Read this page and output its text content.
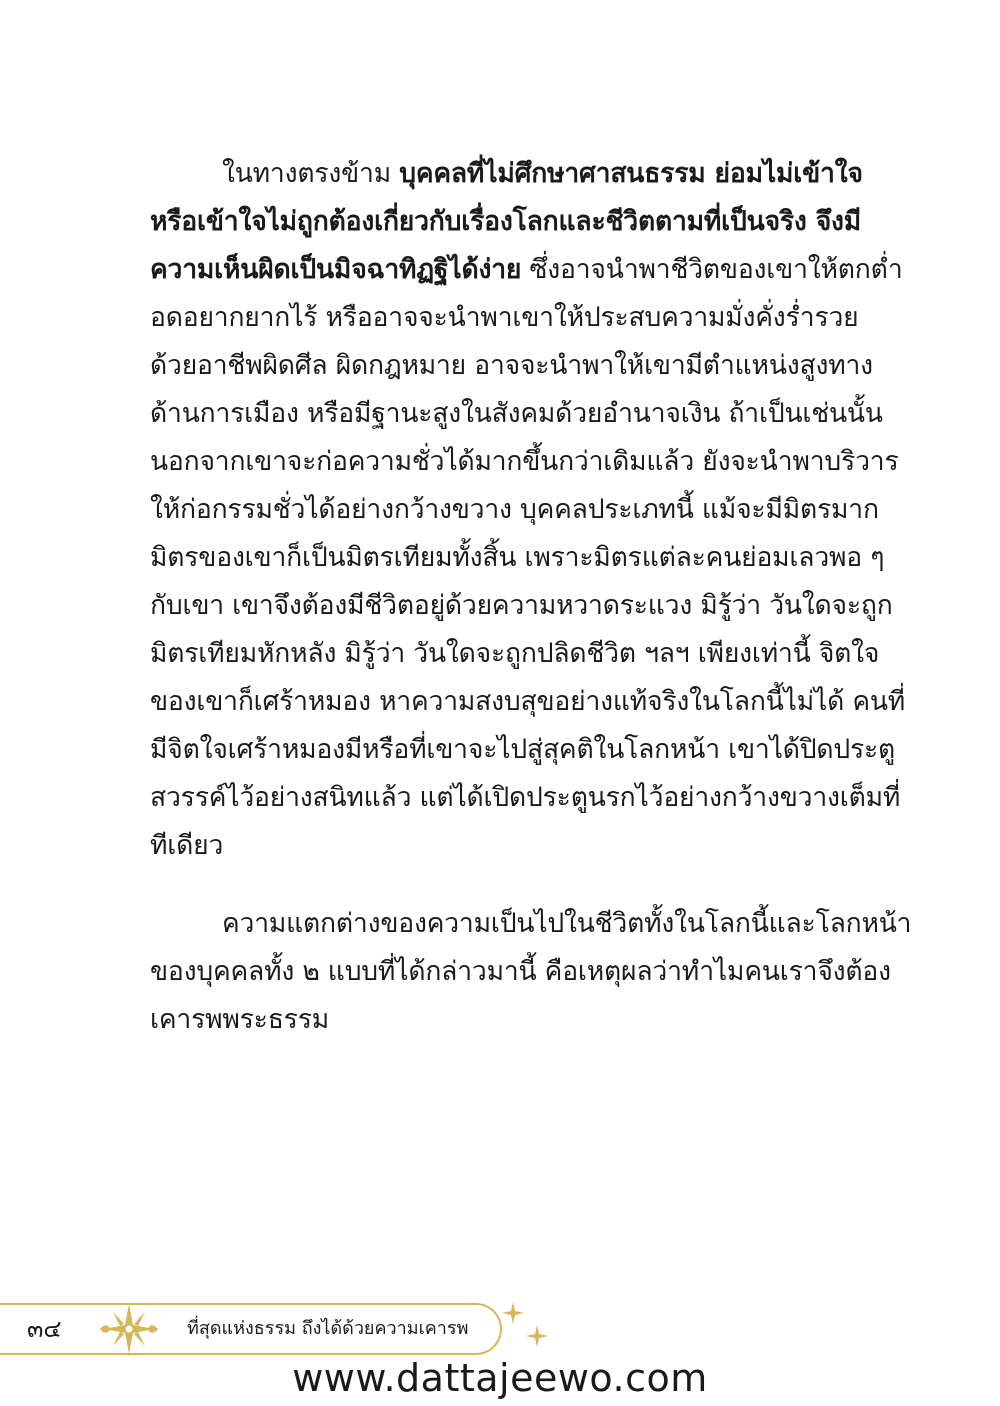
ในทางตรงข้าม บุคคลที่ไม่ศึกษาศาสนธรรม ย่อมไม่เข้าใจ
หรือเข้าใจไม่ถูกต้องเกี่ยวกับเรื่องโลกและชีวิตตามที่เป็นจริง จึงมี
ความเห็นผิดเป็นมิจฉาทิฏฐิได้ง่าย ซึ่งอาจนำพาชีวิตของเขาให้ตกต่ำ
อดอยากยากไร้ หรืออาจจะนำพาเขาให้ประสบความมั่งคั่งร่ำรวย
ด้วยอาชีพผิดศีล ผิดกฎหมาย อาจจะนำพาให้เขามีตำแหน่งสูงทาง
ด้านการเมือง หรือมีฐานะสูงในสังคมด้วยอำนาจเงิน ถ้าเป็นเช่นนั้น
นอกจากเขาจะก่อความชั่วได้มากขึ้นกว่าเดิมแล้ว ยังจะนำพาบริวาร
ให้ก่อกรรมชั่วได้อย่างกว้างขวาง บุคคลประเภทนี้ แม้จะมีมิตรมาก
มิตรของเขาก็เป็นมิตรเทียมทั้งสิ้น เพราะมิตรแต่ละคนย่อมเลวพอ ๆ
กับเขา เขาจึงต้องมีชีวิตอยู่ด้วยความหวาดระแวง มิรู้ว่า วันใดจะถูก
มิตรเทียมหักหลัง มิรู้ว่า วันใดจะถูกปลิดชีวิต ฯลฯ เพียงเท่านี้ จิตใจ
ของเขาก็เศร้าหมอง หาความสงบสุขอย่างแท้จริงในโลกนี้ไม่ได้ คนที่
มีจิตใจเศร้าหมองมีหรือที่เขาจะไปสู่สุคติในโลกหน้า เขาได้ปิดประตู
สวรรค์ไว้อย่างสนิทแล้ว แต่ได้เปิดประตูนรกไว้อย่างกว้างขวางเต็มที่
ทีเดียว
ความแตกต่างของความเป็นไปในชีวิตทั้งในโลกนี้และโลกหน้า
ของบุคคลทั้ง ๒ แบบที่ได้กล่าวมานี้ คือเหตุผลว่าทำไมคนเราจึงต้อง
เคารพพระธรรม
๓๔	ที่สุดแห่งธรรม ถึงได้ด้วยความเคารพ
www.dattajeewo.com
